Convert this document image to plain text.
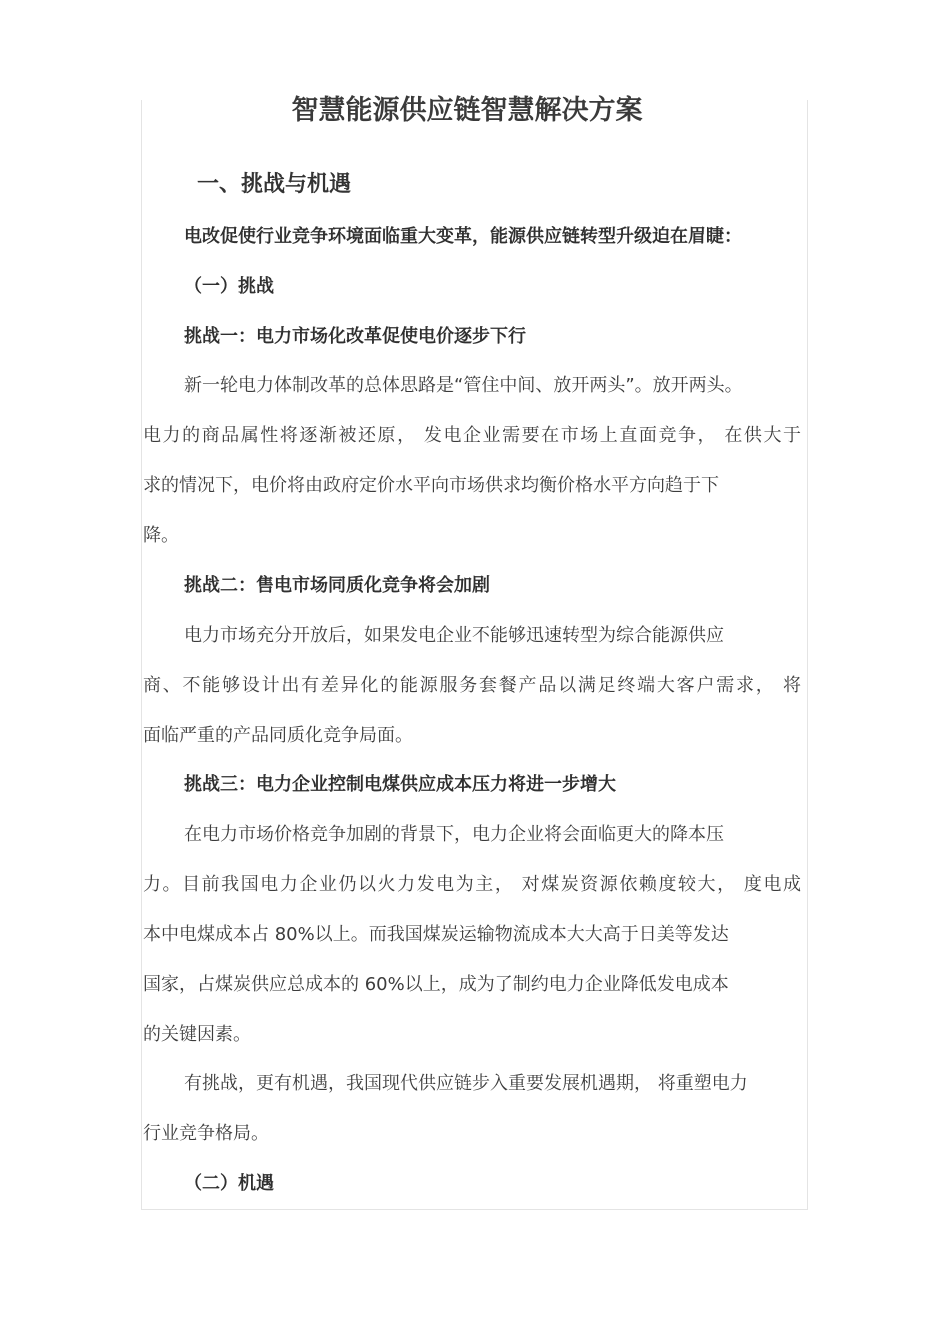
智慧能源供应链智慧解决方案
一、挑战与机遇
电改促使行业竞争环境面临重大变革，能源供应链转型升级迫在眉睫：
（一）挑战
挑战一：电力市场化改革促使电价逐步下行
新一轮电力体制改革的总体思路是“管住中间、放开两头”。放开两头。
电力的商品属性将逐渐被还原， 发电企业需要在市场上直面竞争， 在供大于
求的情况下，电价将由政府定价水平向市场供求均衡价格水平方向趋于下
降。
挑战二：售电市场同质化竞争将会加剧
电力市场充分开放后，如果发电企业不能够迅速转型为综合能源供应
商、不能够设计出有差异化的能源服务套餐产品以满足终端大客户需求， 将
面临严重的产品同质化竞争局面。
挑战三：电力企业控制电煤供应成本压力将进一步增大
在电力市场价格竞争加剧的背景下，电力企业将会面临更大的降本压
力。目前我国电力企业仍以火力发电为主， 对煤炭资源依赖度较大， 度电成
本中电煤成本占 80%以上。而我国煤炭运输物流成本大大高于日美等发达
国家，占煤炭供应总成本的 60%以上，成为了制约电力企业降低发电成本
的关键因素。
有挑战，更有机遇，我国现代供应链步入重要发展机遇期， 将重塑电力
行业竞争格局。
（二）机遇
